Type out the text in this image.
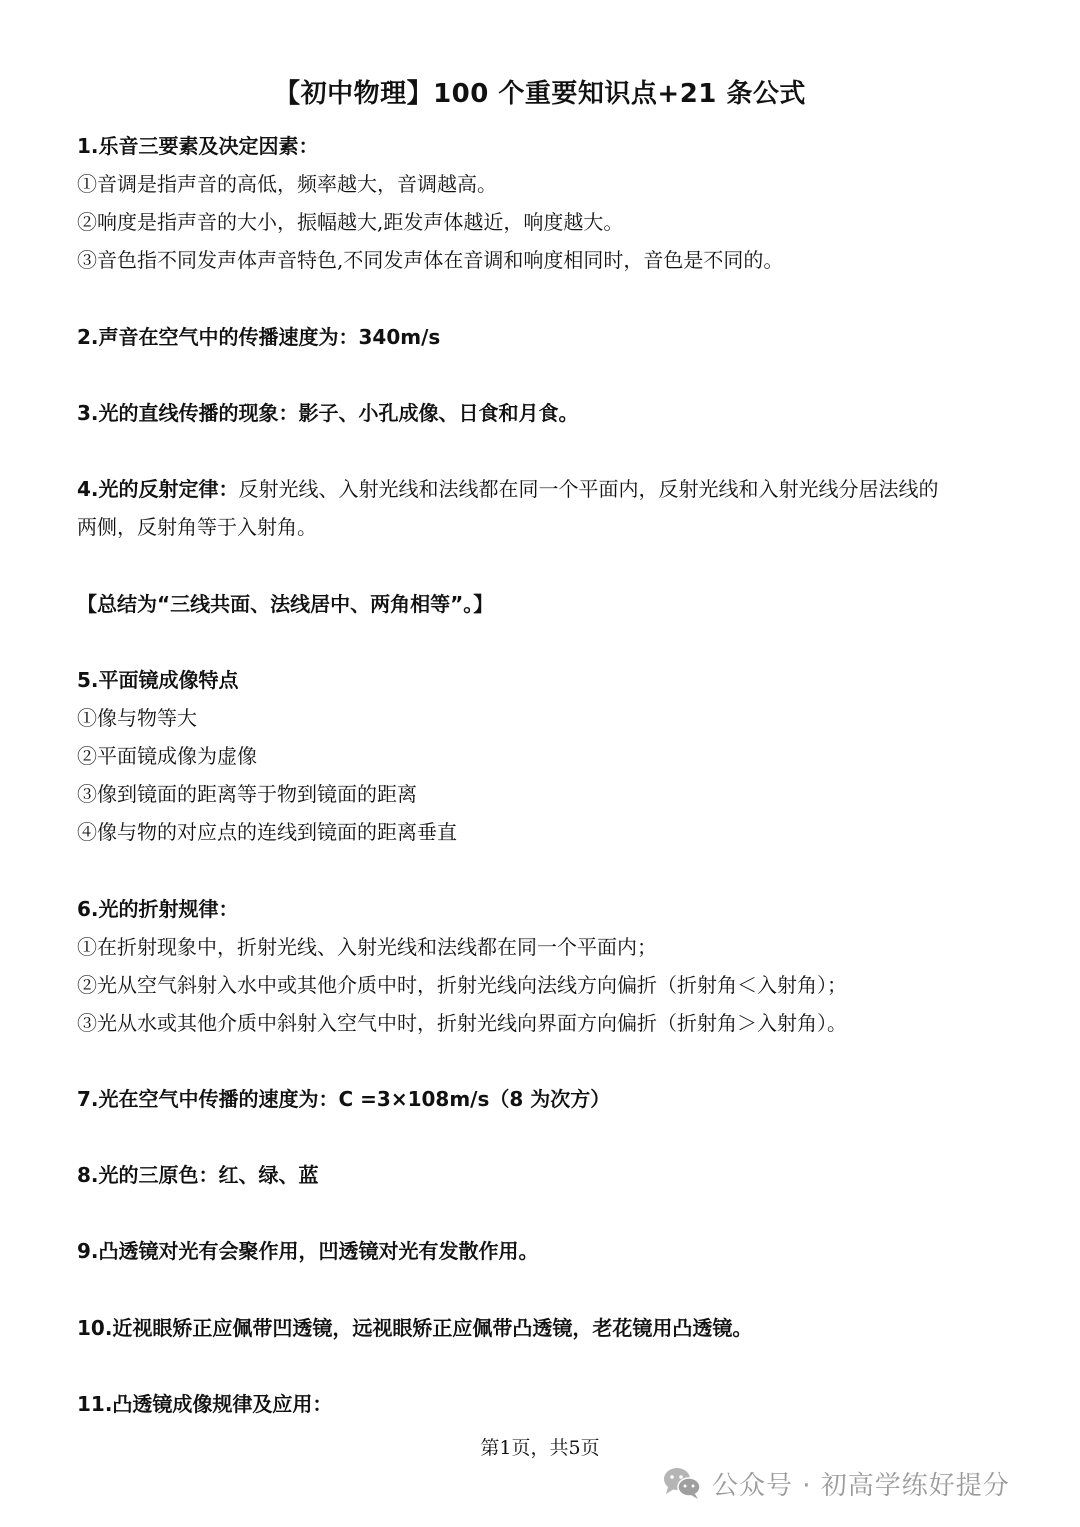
【初中物理】100 个重要知识点+21 条公式
1.乐音三要素及决定因素：
①音调是指声音的高低，频率越大，音调越高。
②响度是指声音的大小，振幅越大,距发声体越近，响度越大。
③音色指不同发声体声音特色,不同发声体在音调和响度相同时，音色是不同的。
2.声音在空气中的传播速度为：340m/s
3.光的直线传播的现象：影子、小孔成像、日食和月食。
4.光的反射定律：反射光线、入射光线和法线都在同一个平面内，反射光线和入射光线分居法线的
两侧，反射角等于入射角。
【总结为“三线共面、法线居中、两角相等”。】
5.平面镜成像特点
①像与物等大
②平面镜成像为虚像
③像到镜面的距离等于物到镜面的距离
④像与物的对应点的连线到镜面的距离垂直
6.光的折射规律：
①在折射现象中，折射光线、入射光线和法线都在同一个平面内；
②光从空气斜射入水中或其他介质中时，折射光线向法线方向偏折（折射角＜入射角）；
③光从水或其他介质中斜射入空气中时，折射光线向界面方向偏折（折射角＞入射角）。
7.光在空气中传播的速度为：C =3×108m/s（8 为次方）
8.光的三原色：红、绿、蓝
9.凸透镜对光有会聚作用，凹透镜对光有发散作用。
10.近视眼矫正应佩带凹透镜，远视眼矫正应佩带凸透镜，老花镜用凸透镜。
11.凸透镜成像规律及应用：
第1页，共5页
公众号 · 初高学练好提分
